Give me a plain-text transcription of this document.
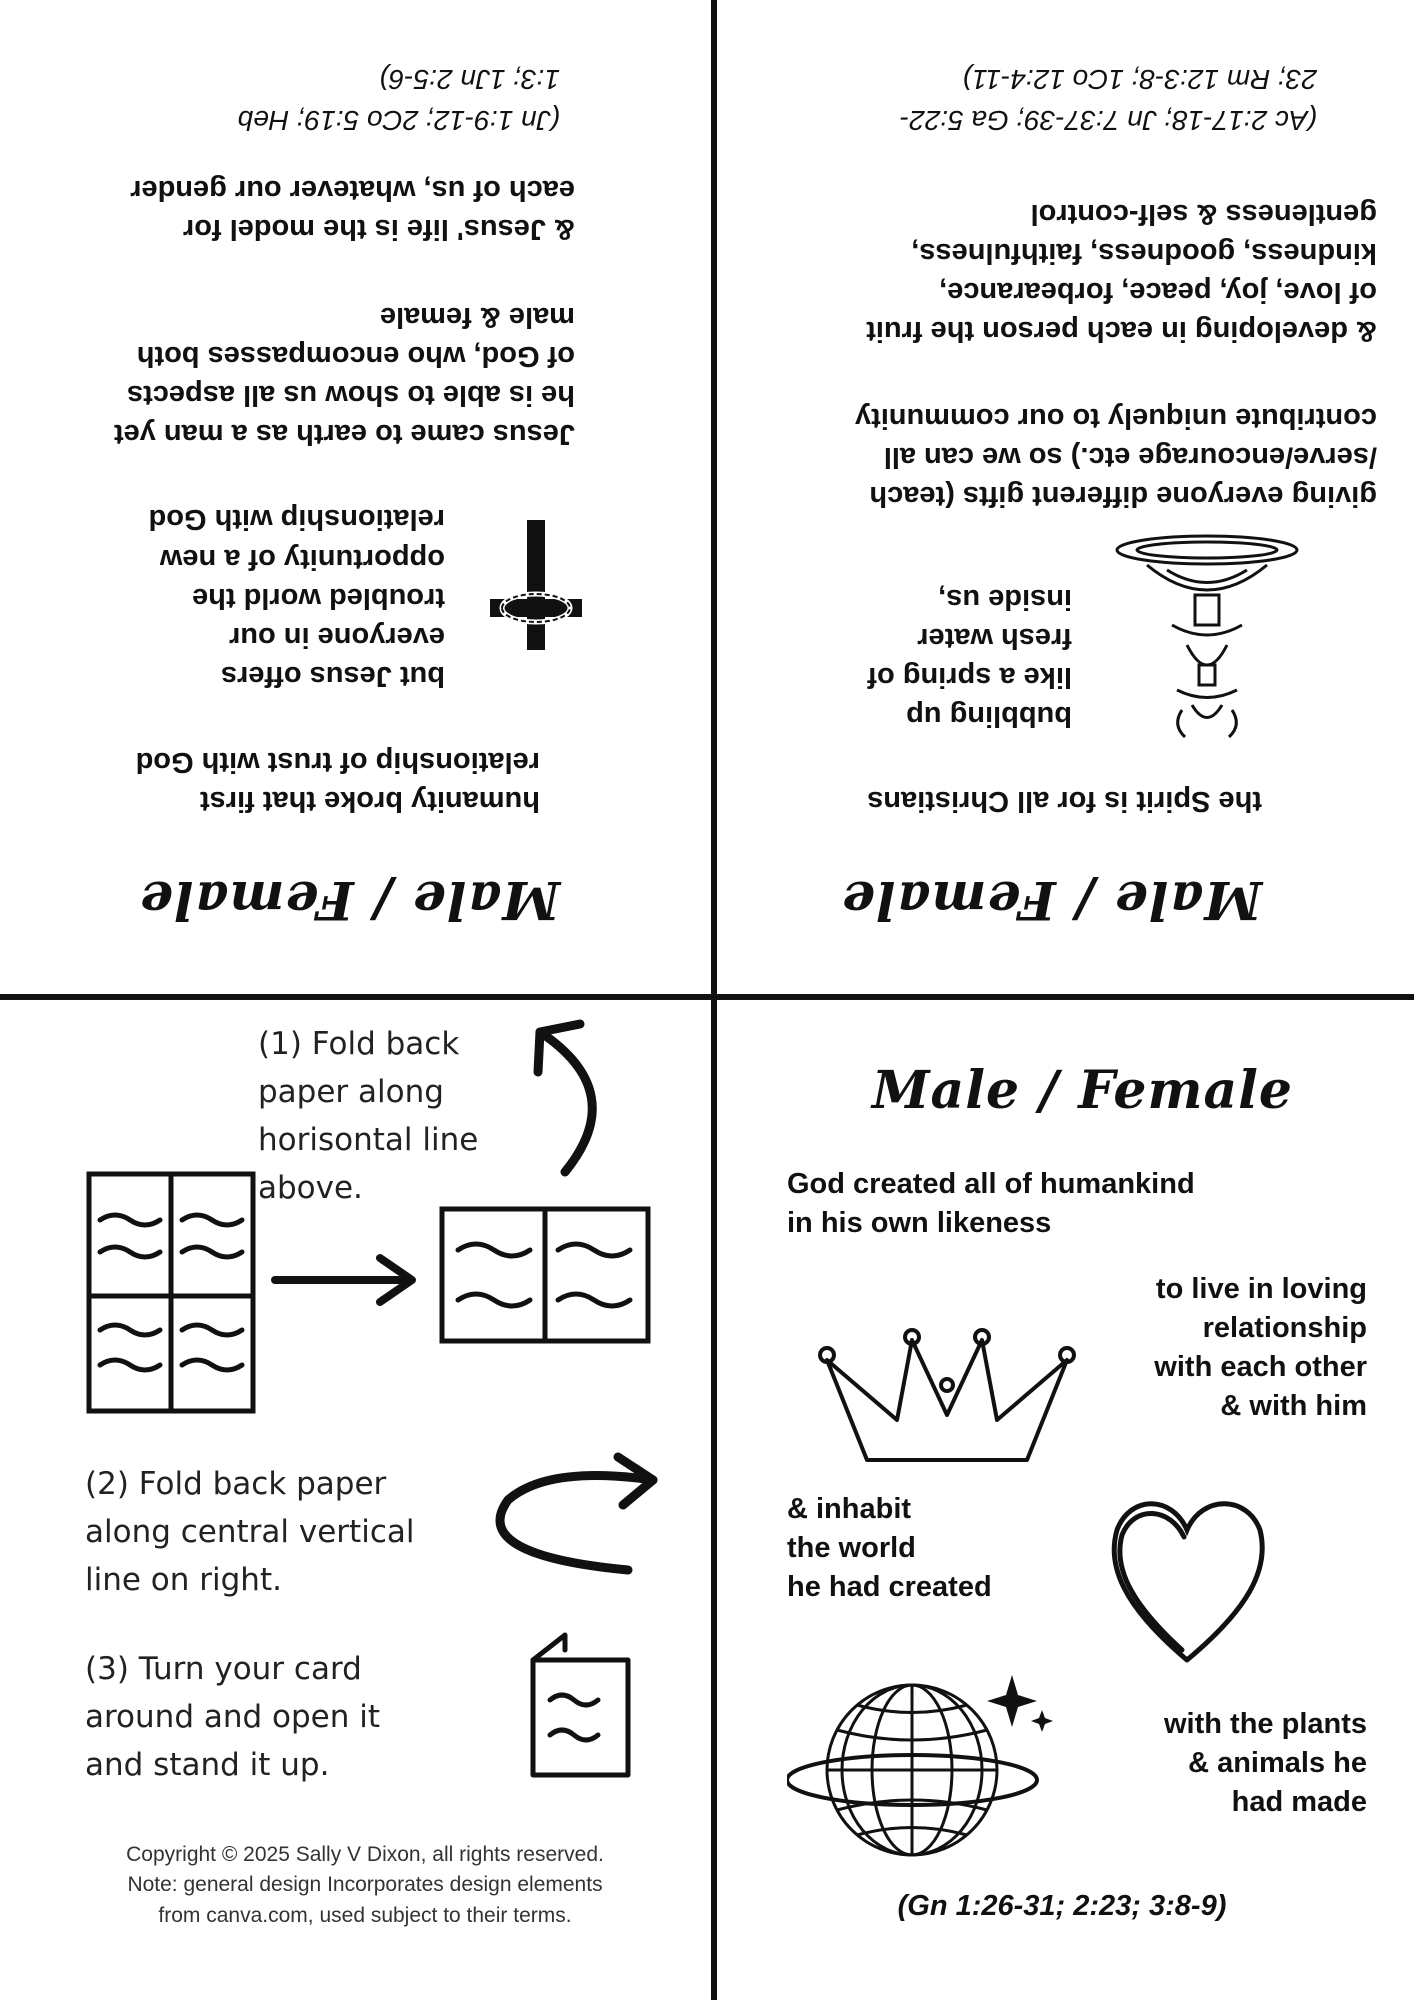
Male / Female
humanity broke that first
relationship of trust with God
but Jesus offers
everyone in our
troubled world the
opportunity of a new
relationship with God
Jesus came to earth as a man yet
he is able to show us all aspects
of God, who encompasses both
male & female
& Jesus' life is the model for
each of us, whatever our gender
(Jn 1:9-12; 2Co 5:19; Heb
1:3; 1Jn 2:5-6)
Male / Female
the Spirit is for all Christians
bubbling up
like a spring of
fresh water
inside us,
giving everyone different gifts (teach
/serve/encourage etc.) so we can all
contribute uniquely to our community
& developing in each person the fruit
of love, joy, peace, forbearance,
kindness, goodness, faithfulness,
gentleness & self-control
(Ac 2:17-18; Jn 7:37-39; Ga 5:22-
23; Rm 12:3-8; 1Co 12:4-11)
(1) Fold back
paper along
horisontal line
above.
(2) Fold back paper
along central vertical
line on right.
(3) Turn your card
around and open it
and stand it up.
Copyright © 2025 Sally V Dixon, all rights reserved.
Note: general design Incorporates design elements
from canva.com, used subject to their terms.
Male / Female
God created all of humankind
in his own likeness
to live in loving
relationship
with each other
& with him
& inhabit
the world
he had created
with the plants
& animals he
had made
(Gn 1:26-31; 2:23; 3:8-9)
